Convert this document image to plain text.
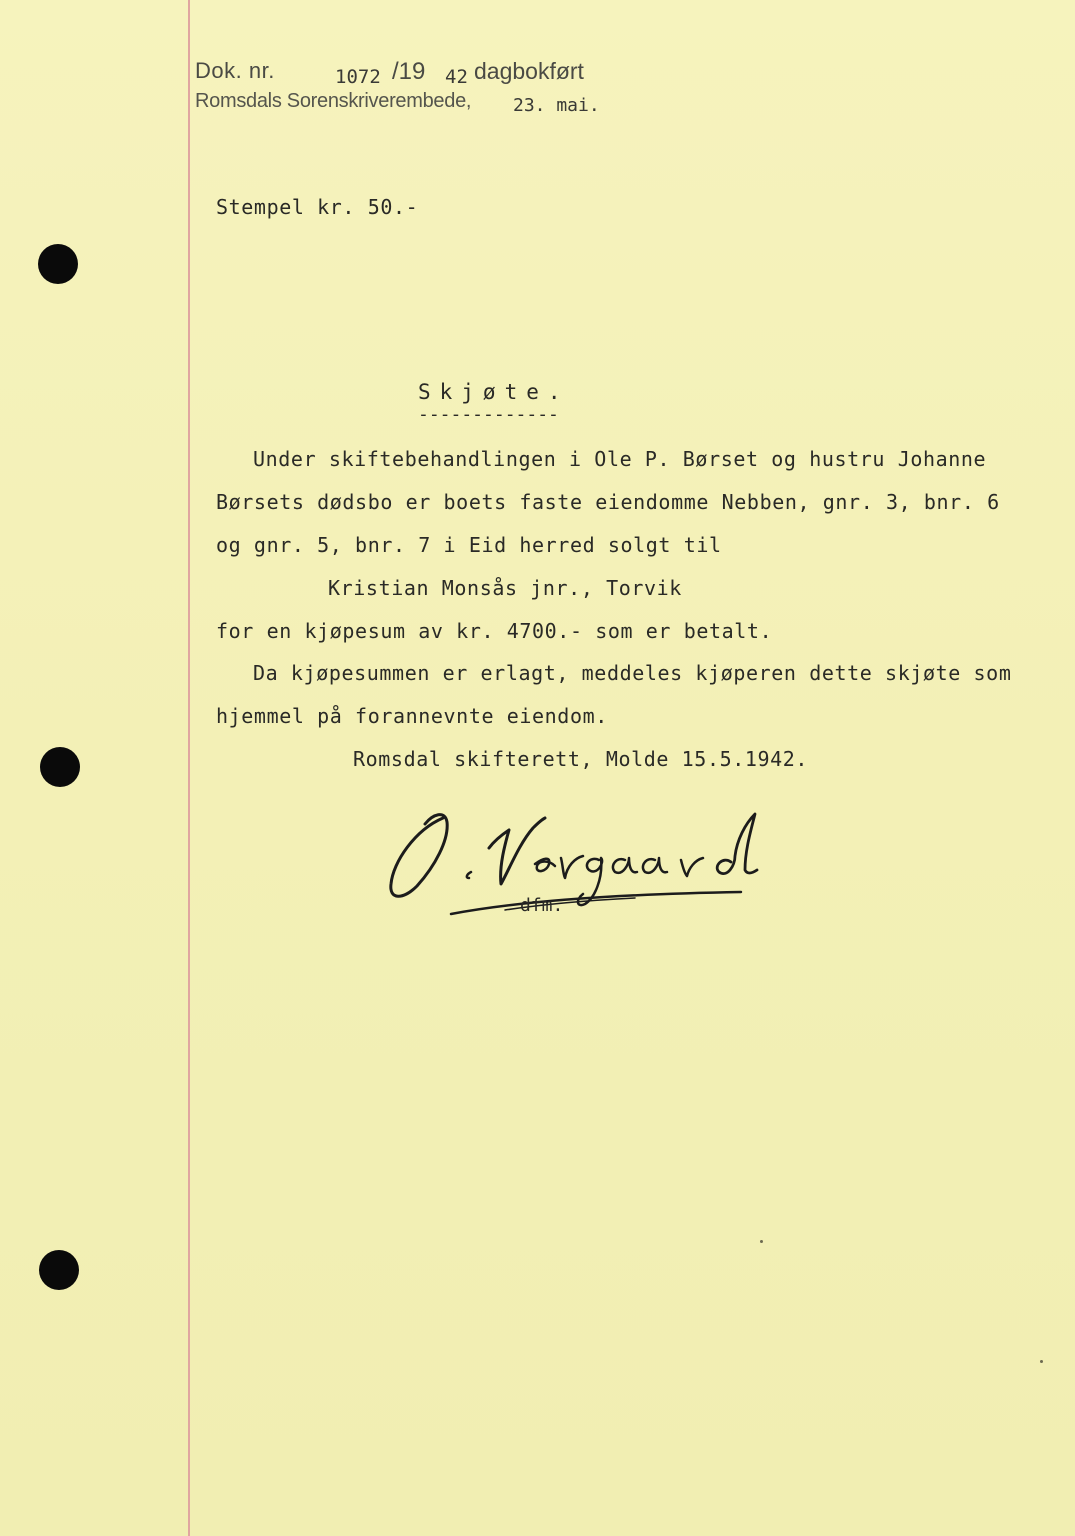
Dok. nr.	1072 /19 42 dagbokført
Romsdals Sorenskriverembede, 23. mai.
Stempel kr. 50.-
Skjøte.
-------------
Under skiftebehandlingen i Ole P. Børset og hustru Johanne
Børsets dødsbo er boets faste eiendomme Nebben, gnr. 3, bnr. 6
og gnr. 5, bnr. 7 i Eid herred solgt til
Kristian Monsås jnr., Torvik
for en kjøpesum av kr. 4700.- som er betalt.
Da kjøpesummen er erlagt, meddeles kjøperen dette skjøte som
hjemmel på forannevnte eiendom.
Romsdal skifterett, Molde 15.5.1942.
dfm.
